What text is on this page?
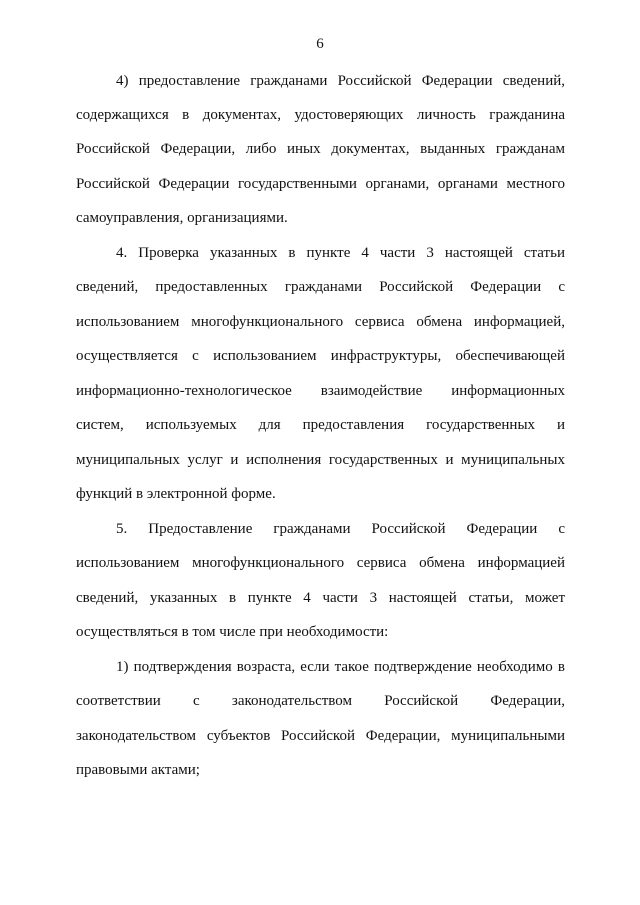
6
4) предоставление гражданами Российской Федерации сведений,
содержащихся в документах, удостоверяющих личность гражданина
Российской Федерации, либо иных документах, выданных гражданам
Российской Федерации государственными органами, органами местного
самоуправления, организациями.
4. Проверка указанных в пункте 4 части 3 настоящей статьи
сведений, предоставленных гражданами Российской Федерации с
использованием многофункционального сервиса обмена информацией,
осуществляется с использованием инфраструктуры, обеспечивающей
информационно-технологическое взаимодействие информационных
систем, используемых для предоставления государственных и
муниципальных услуг и исполнения государственных и муниципальных
функций в электронной форме.
5. Предоставление гражданами Российской Федерации с
использованием многофункционального сервиса обмена информацией
сведений, указанных в пункте 4 части 3 настоящей статьи, может
осуществляться в том числе при необходимости:
1) подтверждения возраста, если такое подтверждение необходимо в
соответствии с законодательством Российской Федерации,
законодательством субъектов Российской Федерации, муниципальными
правовыми актами;
